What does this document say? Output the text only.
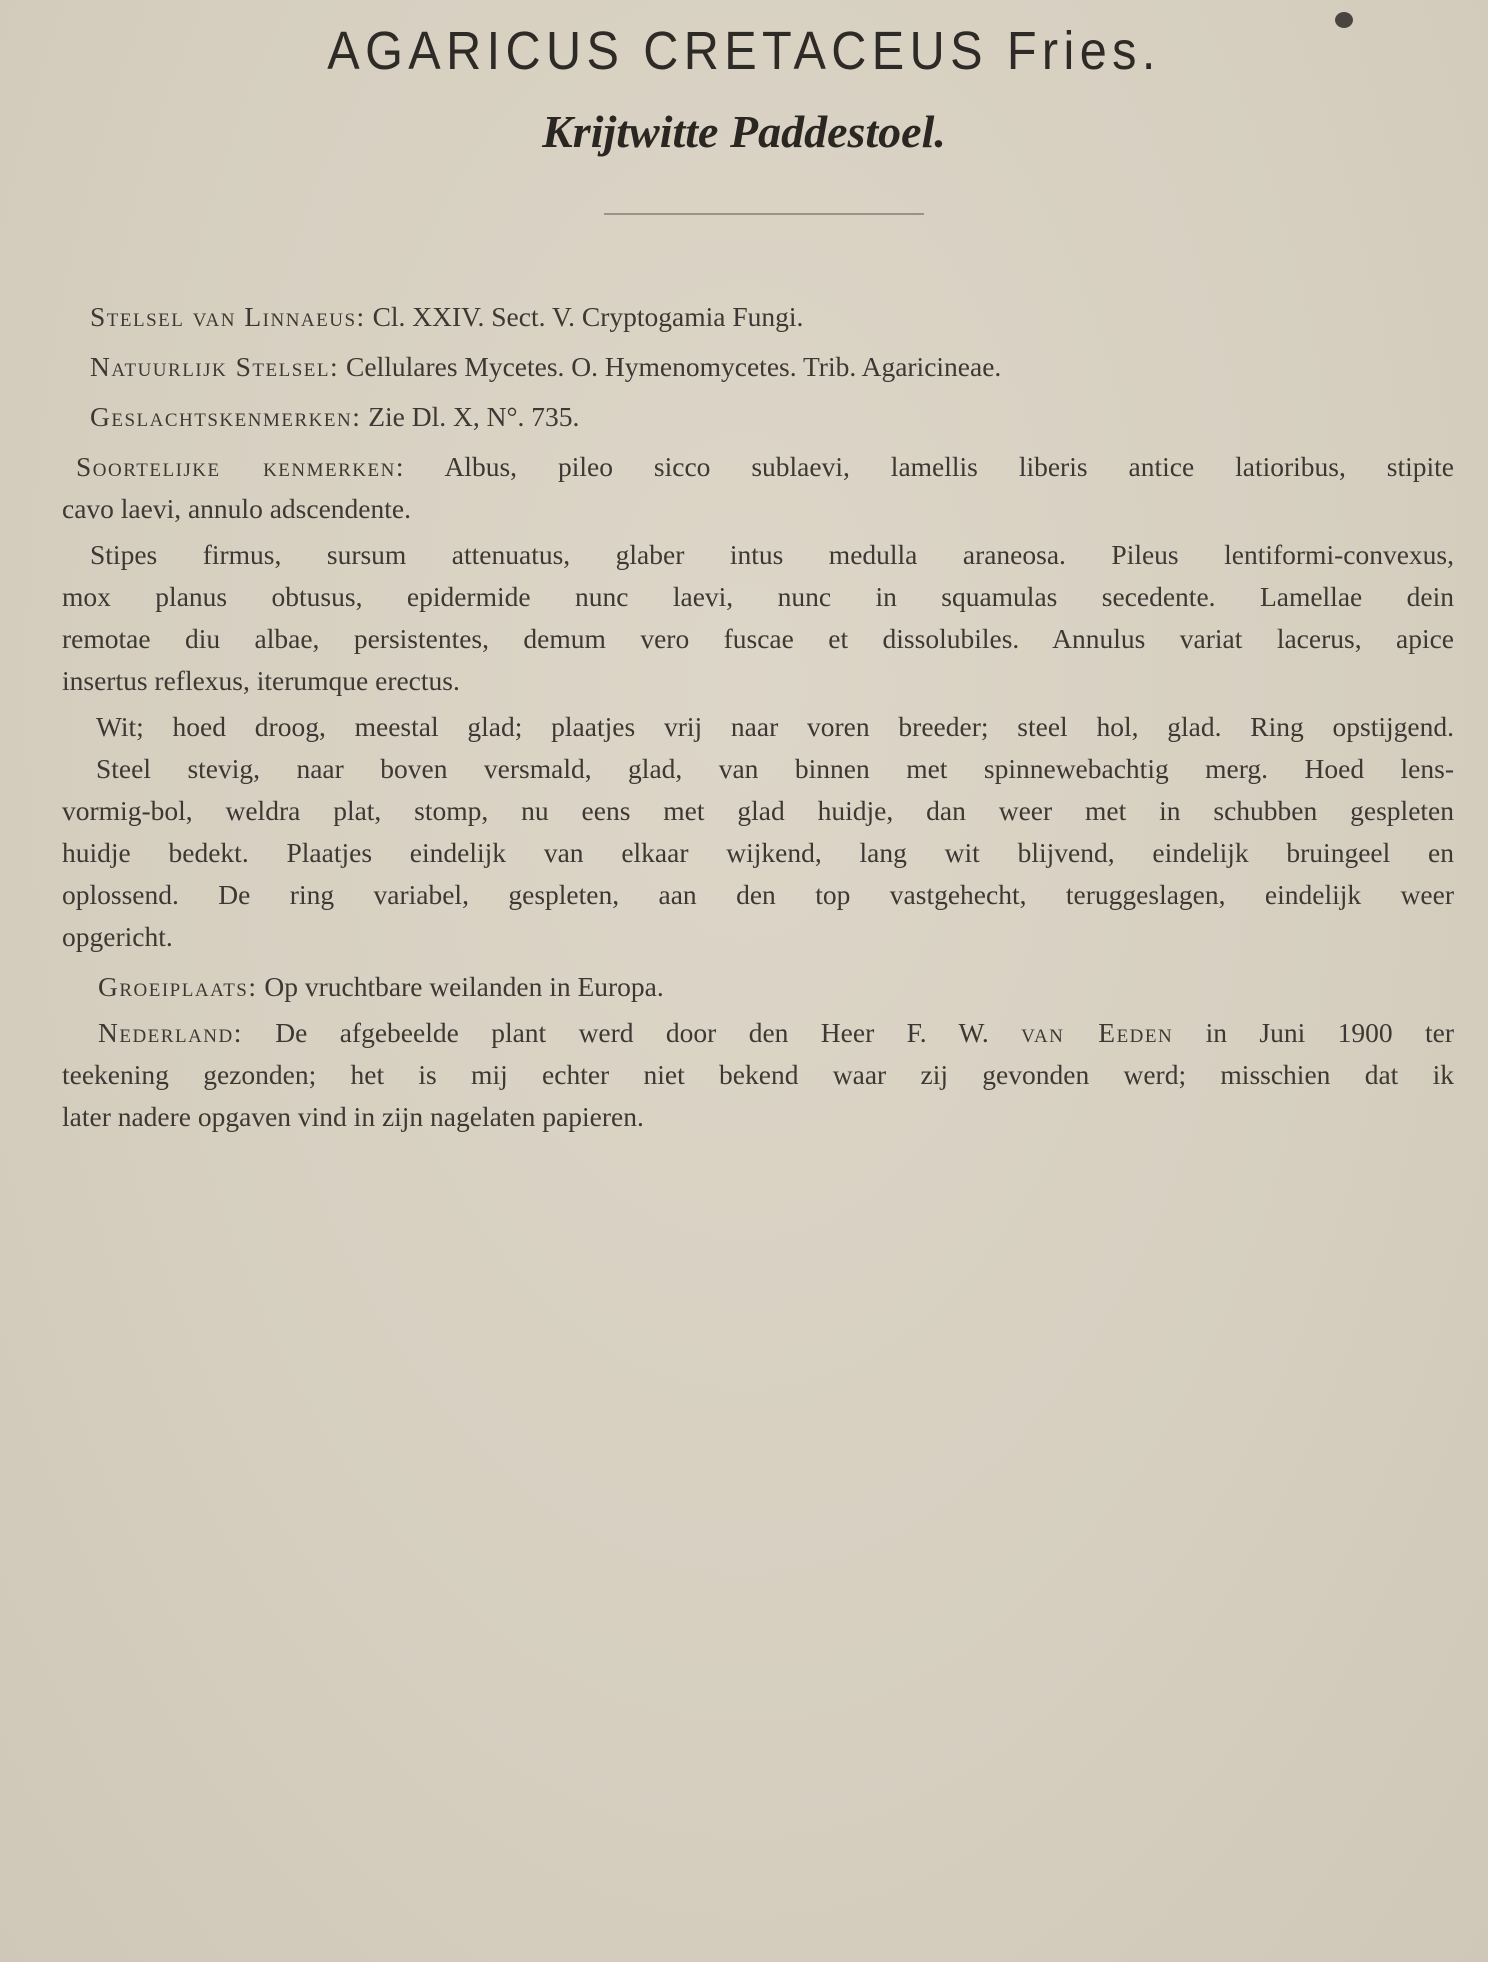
AGARICUS CRETACEUS Fries.
Krijtwitte Paddestoel.
Stelsel van Linnaeus: Cl. XXIV. Sect. V. Cryptogamia Fungi.
Natuurlijk Stelsel: Cellulares Mycetes. O. Hymenomycetes. Trib. Agaricineae.
Geslachtskenmerken: Zie Dl. X, N°. 735.
Soortelijke kenmerken: Albus, pileo sicco sublaevi, lamellis liberis antice latioribus, stipite
cavo laevi, annulo adscendente.
Stipes firmus, sursum attenuatus, glaber intus medulla araneosa. Pileus lentiformi-convexus,
mox planus obtusus, epidermide nunc laevi, nunc in squamulas secedente. Lamellae dein
remotae diu albae, persistentes, demum vero fuscae et dissolubiles. Annulus variat lacerus, apice
insertus reflexus, iterumque erectus.
Wit; hoed droog, meestal glad; plaatjes vrij naar voren breeder; steel hol, glad. Ring opstijgend.
Steel stevig, naar boven versmald, glad, van binnen met spinnewebachtig merg. Hoed lens-
vormig-bol, weldra plat, stomp, nu eens met glad huidje, dan weer met in schubben gespleten
huidje bedekt. Plaatjes eindelijk van elkaar wijkend, lang wit blijvend, eindelijk bruingeel en
oplossend. De ring variabel, gespleten, aan den top vastgehecht, teruggeslagen, eindelijk weer
opgericht.
Groeiplaats: Op vruchtbare weilanden in Europa.
Nederland: De afgebeelde plant werd door den Heer F. W. van Eeden in Juni 1900 ter
teekening gezonden; het is mij echter niet bekend waar zij gevonden werd; misschien dat ik
later nadere opgaven vind in zijn nagelaten papieren.
